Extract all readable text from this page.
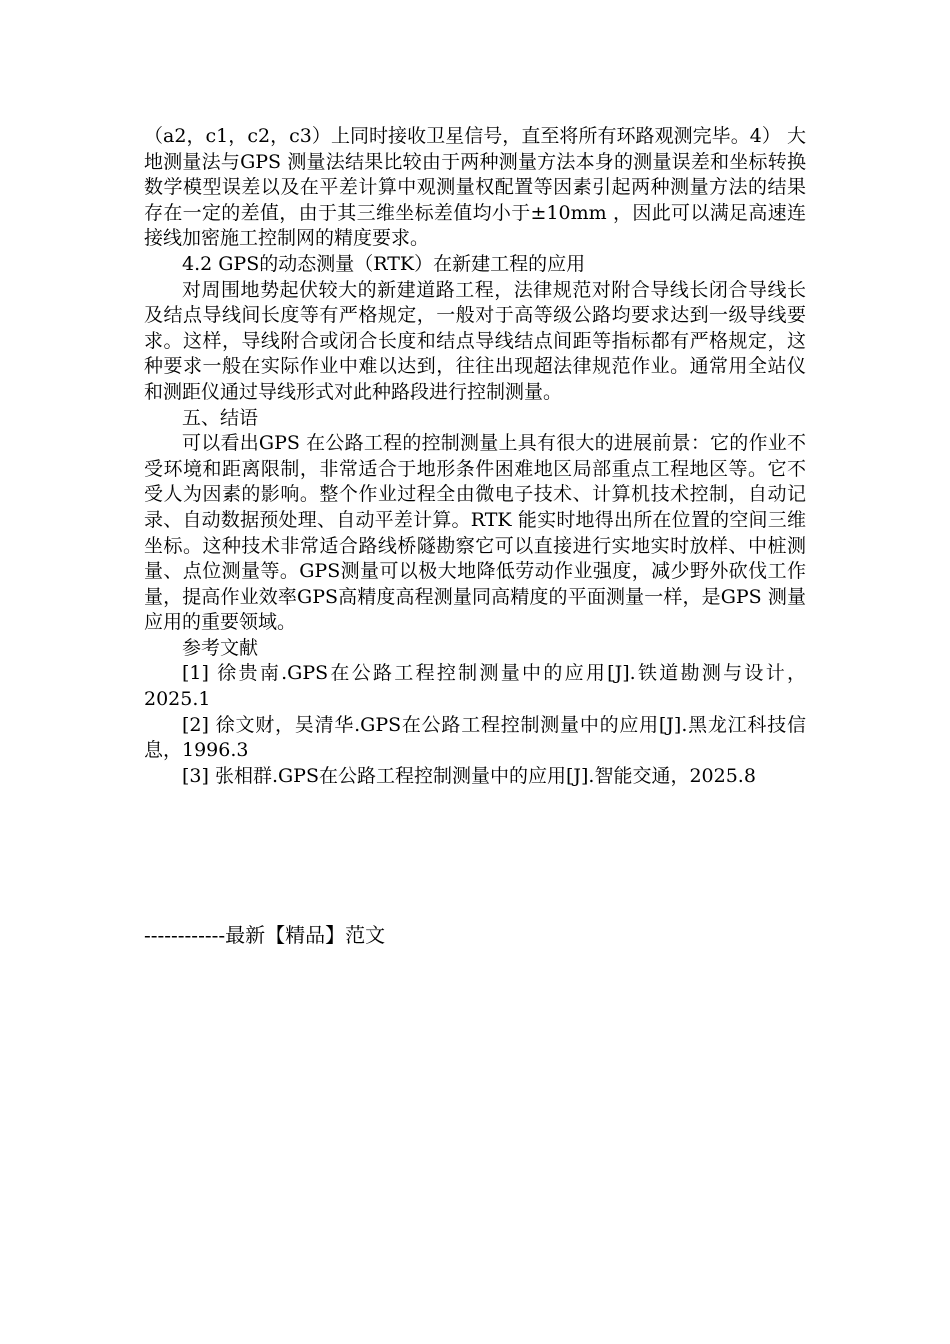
（a2，c1，c2，c3）上同时接收卫星信号，直至将所有环路观测完毕。4） 大地测量法与GPS 测量法结果比较由于两种测量方法本身的测量误差和坐标转换数学模型误差以及在平差计算中观测量权配置等因素引起两种测量方法的结果存在一定的差值，由于其三维坐标差值均小于±10mm ，因此可以满足高速连接线加密施工控制网的精度要求。

4.2 GPS的动态测量（RTK）在新建工程的应用

对周围地势起伏较大的新建道路工程，法律规范对附合导线长闭合导线长及结点导线间长度等有严格规定，一般对于高等级公路均要求达到一级导线要求。这样，导线附合或闭合长度和结点导线结点间距等指标都有严格规定，这种要求一般在实际作业中难以达到，往往出现超法律规范作业。通常用全站仪和测距仪通过导线形式对此种路段进行控制测量。

五、结语

可以看出GPS 在公路工程的控制测量上具有很大的进展前景：它的作业不受环境和距离限制，非常适合于地形条件困难地区局部重点工程地区等。它不受人为因素的影响。整个作业过程全由微电子技术、计算机技术控制，自动记录、自动数据预处理、自动平差计算。RTK 能实时地得出所在位置的空间三维坐标。这种技术非常适合路线桥隧勘察它可以直接进行实地实时放样、中桩测量、点位测量等。GPS测量可以极大地降低劳动作业强度，减少野外砍伐工作量，提高作业效率GPS高精度高程测量同高精度的平面测量一样，是GPS 测量应用的重要领域。

参考文献

[1] 徐贵南.GPS在公路工程控制测量中的应用[J].铁道勘测与设计，2025.1

[2] 徐文财，吴清华.GPS在公路工程控制测量中的应用[J].黑龙江科技信息，1996.3

[3] 张相群.GPS在公路工程控制测量中的应用[J].智能交通，2025.8

------------最新【精品】范文
